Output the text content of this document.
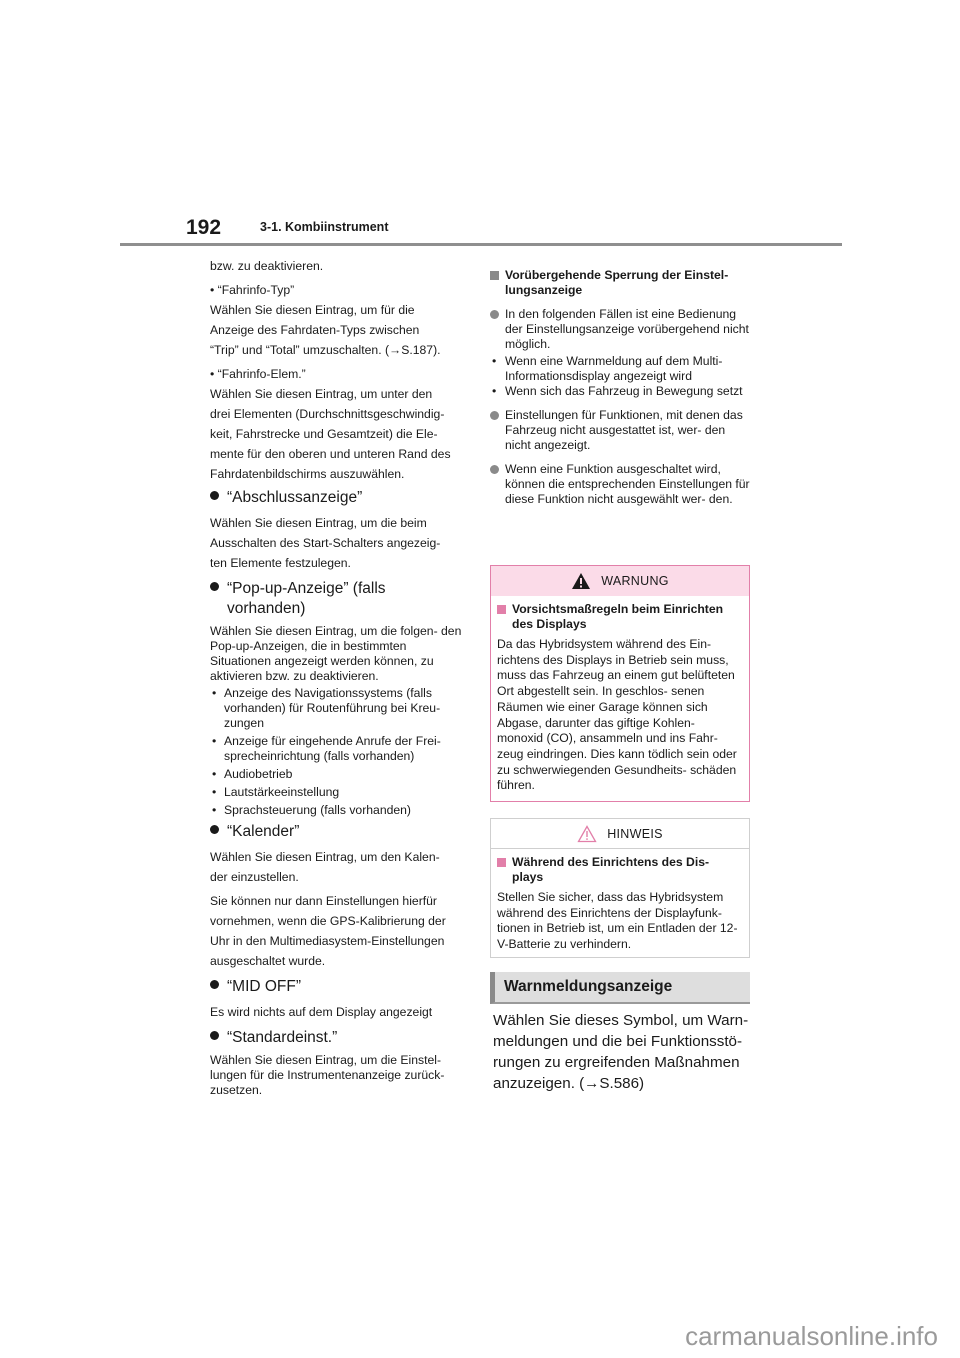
192	3-1. Kombiinstrument

bzw. zu deaktivieren.

• “Fahrinfo-Typ”

Wählen Sie diesen Eintrag, um für die

Anzeige des Fahrdaten-Typs zwischen

“Trip” und “Total” umzuschalten. (→S.187).

• “Fahrinfo-Elem.”

Wählen Sie diesen Eintrag, um unter den

drei Elementen (Durchschnittsgeschwindig-

keit, Fahrstrecke und Gesamtzeit) die Ele-

mente für den oberen und unteren Rand des

Fahrdatenbildschirms auszuwählen.

“Abschlussanzeige”

Wählen Sie diesen Eintrag, um die beim

Ausschalten des Start-Schalters angezeig-

ten Elemente festzulegen.

“Pop-up-Anzeige” (falls vorhanden)

Wählen Sie diesen Eintrag, um die folgen- den Pop-up-Anzeigen, die in bestimmten Situationen angezeigt werden können, zu aktivieren bzw. zu deaktivieren.

• Anzeige des Navigationssystems (falls vorhanden) für Routenführung bei Kreu- zungen
• Anzeige für eingehende Anrufe der Frei- sprecheinrichtung (falls vorhanden)
• Audiobetrieb
• Lautstärkeeinstellung
• Sprachsteuerung (falls vorhanden)
“Kalender”

Wählen Sie diesen Eintrag, um den Kalen-

der einzustellen.

Sie können nur dann Einstellungen hierfür

vornehmen, wenn die GPS-Kalibrierung der

Uhr in den Multimediasystem-Einstellungen

ausgeschaltet wurde.

“MID OFF”

Es wird nichts auf dem Display angezeigt

“Standardeinst.”

Wählen Sie diesen Eintrag, um die Einstel- lungen für die Instrumentenanzeige zurück- zusetzen.

Vorübergehende Sperrung der Einstel- lungsanzeige
In den folgenden Fällen ist eine Bedienung der Einstellungsanzeige vorübergehend nicht möglich.
• Wenn eine Warnmeldung auf dem Multi- Informationsdisplay angezeigt wird
• Wenn sich das Fahrzeug in Bewegung setzt
Einstellungen für Funktionen, mit denen das Fahrzeug nicht ausgestattet ist, wer- den nicht angezeigt.
Wenn eine Funktion ausgeschaltet wird, können die entsprechenden Einstellungen für diese Funktion nicht ausgewählt wer- den.
WARNUNG
Vorsichtsmaßregeln beim Einrichten des Displays

Da das Hybridsystem während des Ein- richtens des Displays in Betrieb sein muss, muss das Fahrzeug an einem gut belüfteten Ort abgestellt sein. In geschlos- senen Räumen wie einer Garage können sich Abgase, darunter das giftige Kohlen- monoxid (CO), ansammeln und ins Fahr- zeug eindringen. Dies kann tödlich sein oder zu schwerwiegenden Gesundheits- schäden führen.

HINWEIS
Während des Einrichtens des Dis- plays

Stellen Sie sicher, dass das Hybridsystem während des Einrichtens der Displayfunk- tionen in Betrieb ist, um ein Entladen der 12-V-Batterie zu verhindern.

Warnmeldungsanzeige

Wählen Sie dieses Symbol, um Warn- meldungen und die bei Funktionsstö- rungen zu ergreifenden Maßnahmen anzuzeigen. (→S.586)

carmanualsonline.info
